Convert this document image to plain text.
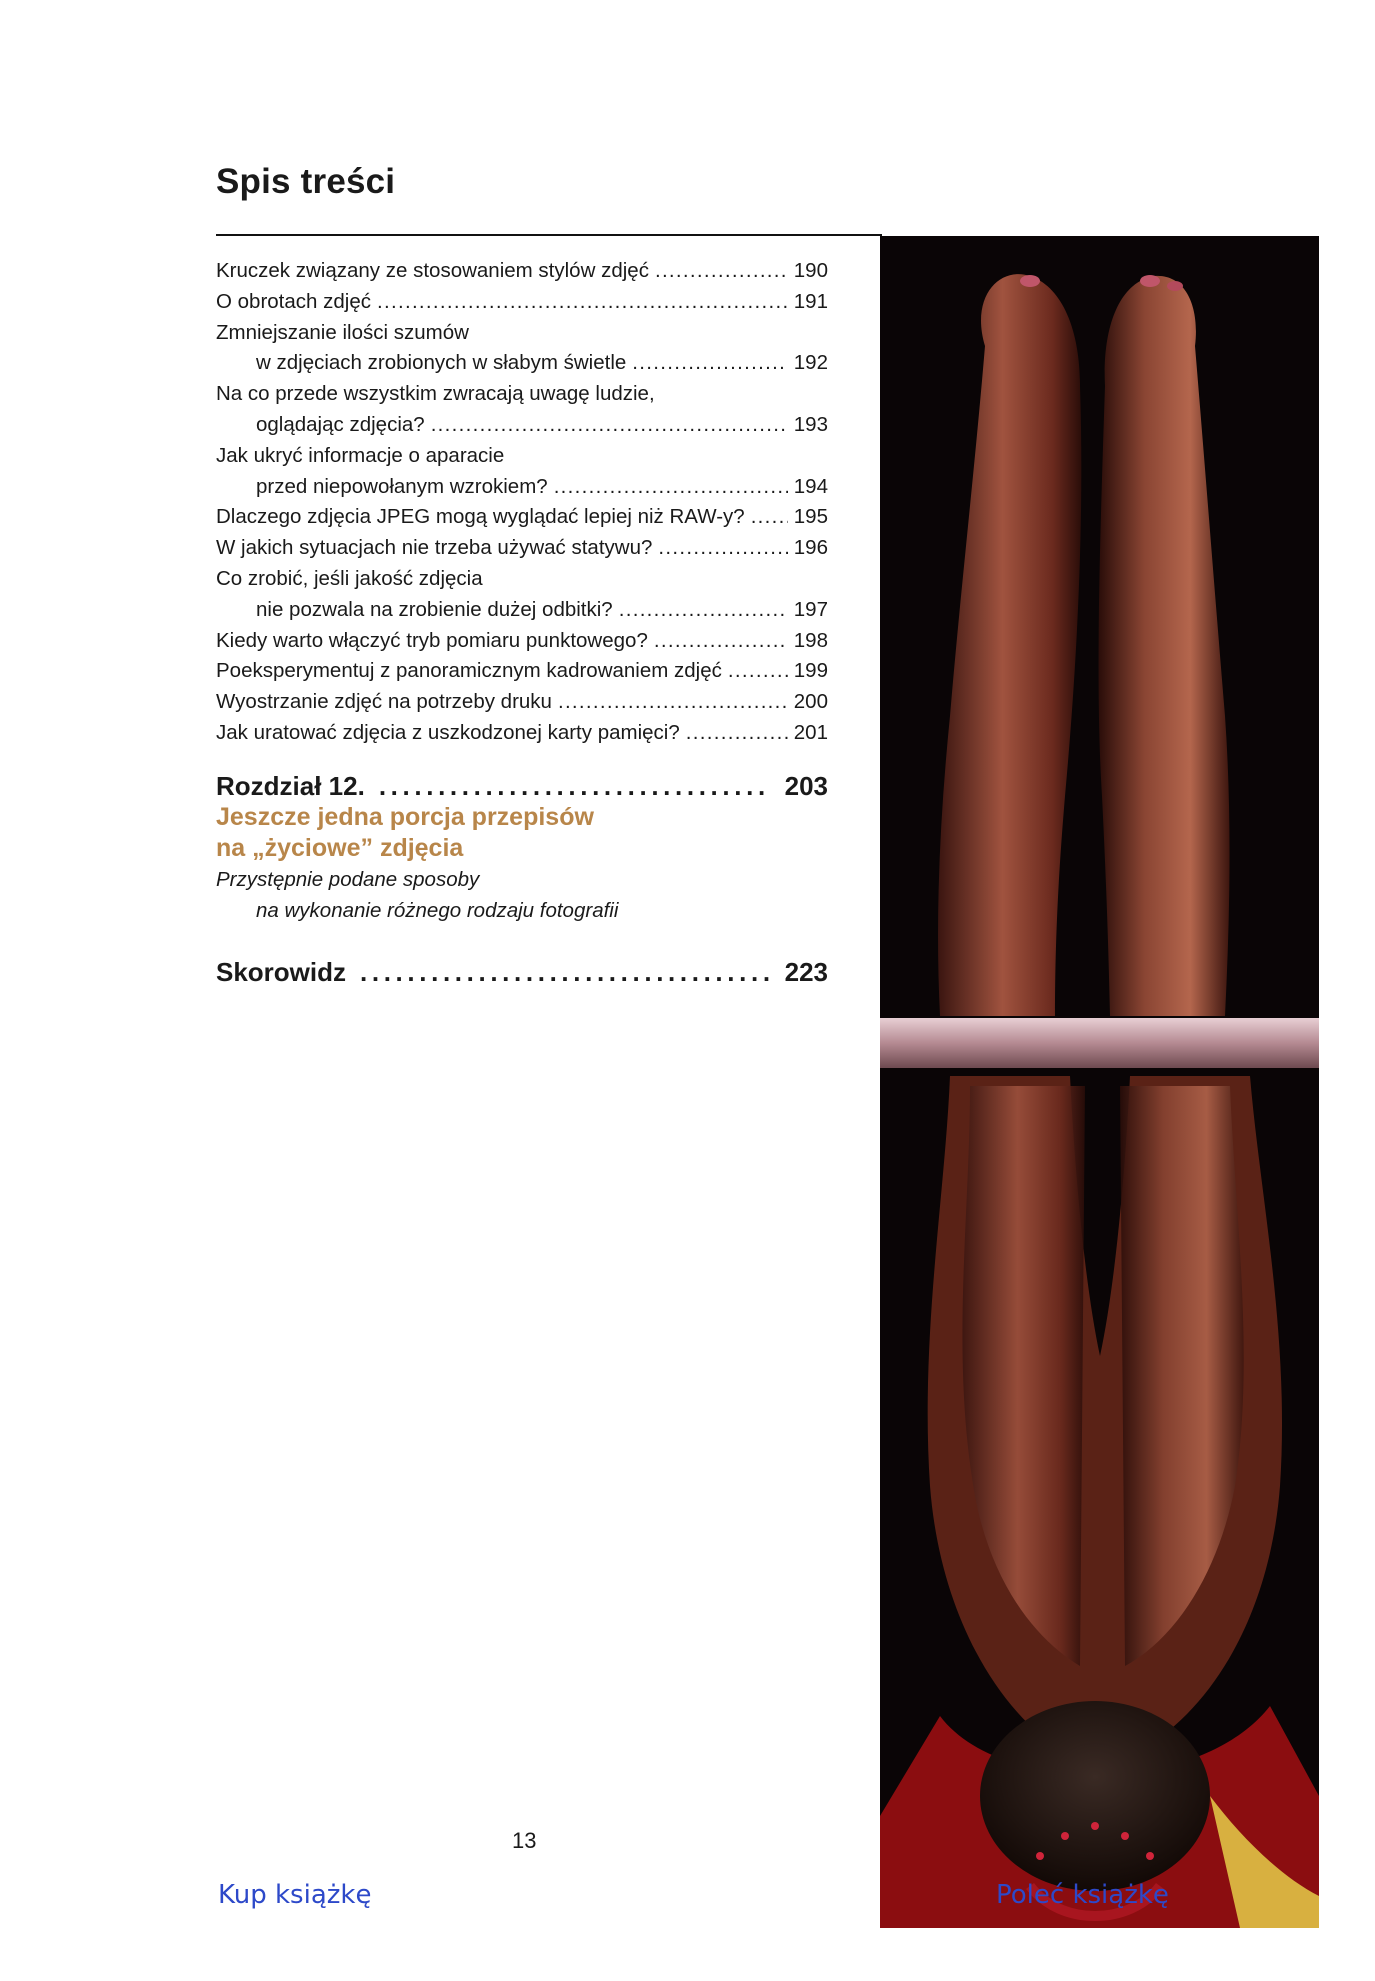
Spis treści
Kruczek związany ze stosowaniem stylów zdjęć . . .	190
O obrotach zdjęć . . .	191
Zmniejszanie ilości szumów
w zdjęciach zrobionych w słabym świetle . . .	192
Na co przede wszystkim zwracają uwagę ludzie,
oglądając zdjęcia? . . .	193
Jak ukryć informacje o aparacie
przed niepowołanym wzrokiem? . . .	194
Dlaczego zdjęcia JPEG mogą wyglądać lepiej niż RAW-y? . . . 195
W jakich sytuacjach nie trzeba używać statywu? . . .	196
Co zrobić, jeśli jakość zdjęcia
nie pozwala na zrobienie dużej odbitki? . . .	197
Kiedy warto włączyć tryb pomiaru punktowego? . . .	198
Poeksperymentuj z panoramicznym kadrowaniem zdjęć . . .	199
Wyostrzanie zdjęć na potrzeby druku . . .	200
Jak uratować zdjęcia z uszkodzonej karty pamięci? . . .	201
Rozdział 12. . . .	203
Jeszcze jedna porcja przepisów
na „życiowe” zdjęcia
Przystępnie podane sposoby
na wykonanie różnego rodzaju fotografii
Skorowidz . . .	223
13
Kup książkę	Poleć książkę
